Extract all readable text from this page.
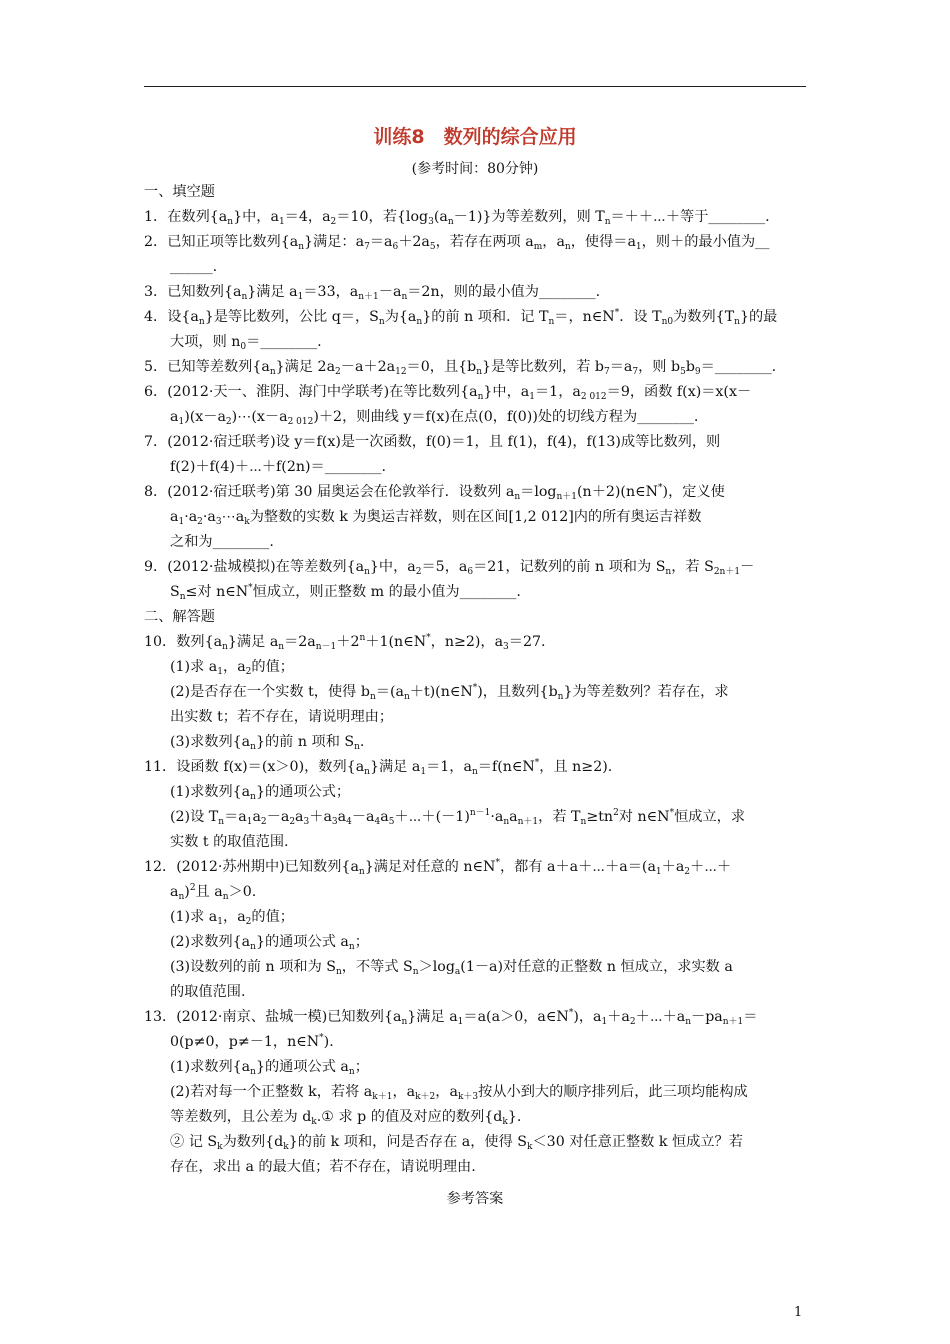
训练8　数列的综合应用
(参考时间：80分钟)
一、填空题
1．在数列$\{a_n\}$中，$a_1=4$，$a_2=10$，若$\{\log_3(a_n-1)\}$为等差数列，则 $T_n=++\cdots+$等于________.
2．已知正项等比数列$\{a_n\}$满足：$a_7=a_6+2a_5$，若存在两项 $a_m$，$a_n$，使得$=a_1$，则＋的最小值为__
______.
3．已知数列$\{a_n\}$满足 $a_1=33$，$a_{n+1}-a_n=2n$，则的最小值为________.
4．设$\{a_n\}$是等比数列，公比 q＝，$S_n$为$\{a_n\}$的前 n 项和．记 $T_n=$，n∈N*．设 $T_{n0}$为数列$\{T_n\}$的最
大项，则 $n_0=\_\_\_\_\_\_\_\_$.
5．已知等差数列$\{a_n\}$满足 $2a_2-a+2a_{12}=0$，且$\{b_n\}$是等比数列，若 $b_7=a_7$，则 $b_5b_9=\_\_\_\_\_\_\_\_$.
6．(2012·天一、淮阴、海门中学联考)在等比数列$\{a_n\}$中，$a_1=1$，$a_{2 012}=9$，函数 f(x)＝x(x－
$a_1)(x-a_2)\cdots(x-a_{2 012})+2$，则曲线 y＝f(x)在点(0，f(0))处的切线方程为________.
7．(2012·宿迁联考)设 y＝f(x)是一次函数，f(0)＝1，且 f(1)，f(4)，f(13)成等比数列，则
f(2)＋f(4)＋⋯＋f(2n)＝________.
8．(2012·宿迁联考)第 30 届奥运会在伦敦举行．设数列 $a_n=\log_{n+1}(n+2)(n\in N^*)$，定义使
$a_1\cdot a_2\cdot a_3\cdots a_k$为整数的实数 k 为奥运吉祥数，则在区间[1,2 012]内的所有奥运吉祥数
之和为________.
9．(2012·盐城模拟)在等差数列$\{a_n\}$中，$a_2=5$，$a_6=21$，记数列的前 n 项和为 $S_n$，若 $S_{2n+1}-$
$S_n\le$对 n∈N*恒成立，则正整数 m 的最小值为________.
二、解答题
10．数列$\{a_n\}$满足 $a_n=2a_{n-1}+2^n+1(n\in N^*$，n≥2)，$a_3=27$.
(1)求 $a_1$，$a_2$的值；
(2)是否存在一个实数 t，使得 $b_n=(a_n+t)(n\in N^*)$，且数列$\{b_n\}$为等差数列？若存在，求
出实数 t；若不存在，请说明理由；
(3)求数列$\{a_n\}$的前 n 项和 $S_n$.
11．设函数 f(x)＝(x＞0)，数列$\{a_n\}$满足 $a_1=1$，$a_n=f(n\in N^*$，且 n≥2).
(1)求数列$\{a_n\}$的通项公式；
(2)设 $T_n=a_1a_2-a_2a_3+a_3a_4-a_4a_5+\cdots+(-1)^{n-1}\cdot a_na_{n+1}$，若 $T_n\ge tn^2$对 n∈N*恒成立，求
实数 t 的取值范围.
12．(2012·苏州期中)已知数列$\{a_n\}$满足对任意的 n∈N*，都有 $a+a+\cdots+a=(a_1+a_2+\cdots+$
$a_n)^2$且 $a_n>0$.
(1)求 $a_1$，$a_2$的值；
(2)求数列$\{a_n\}$的通项公式 $a_n$；
(3)设数列的前 n 项和为 $S_n$，不等式 $S_n>\log_a(1-a)$对任意的正整数 n 恒成立，求实数 a
的取值范围.
13．(2012·南京、盐城一模)已知数列$\{a_n\}$满足 $a_1=a(a>0$，a∈N*)，$a_1+a_2+\cdots+a_n-pa_{n+1}=$
0(p≠0，p≠－1，n∈N*).
(1)求数列$\{a_n\}$的通项公式 $a_n$；
(2)若对每一个正整数 k，若将 $a_{k+1}$，$a_{k+2}$，$a_{k+3}$按从小到大的顺序排列后，此三项均能构成
等差数列，且公差为 $d_k.①$ 求 p 的值及对应的数列$\{d_k\}$.
② 记 $S_k$为数列$\{d_k\}$的前 k 项和，问是否存在 a，使得 $S_k<30$ 对任意正整数 k 恒成立？若
存在，求出 a 的最大值；若不存在，请说明理由.
参考答案
1
